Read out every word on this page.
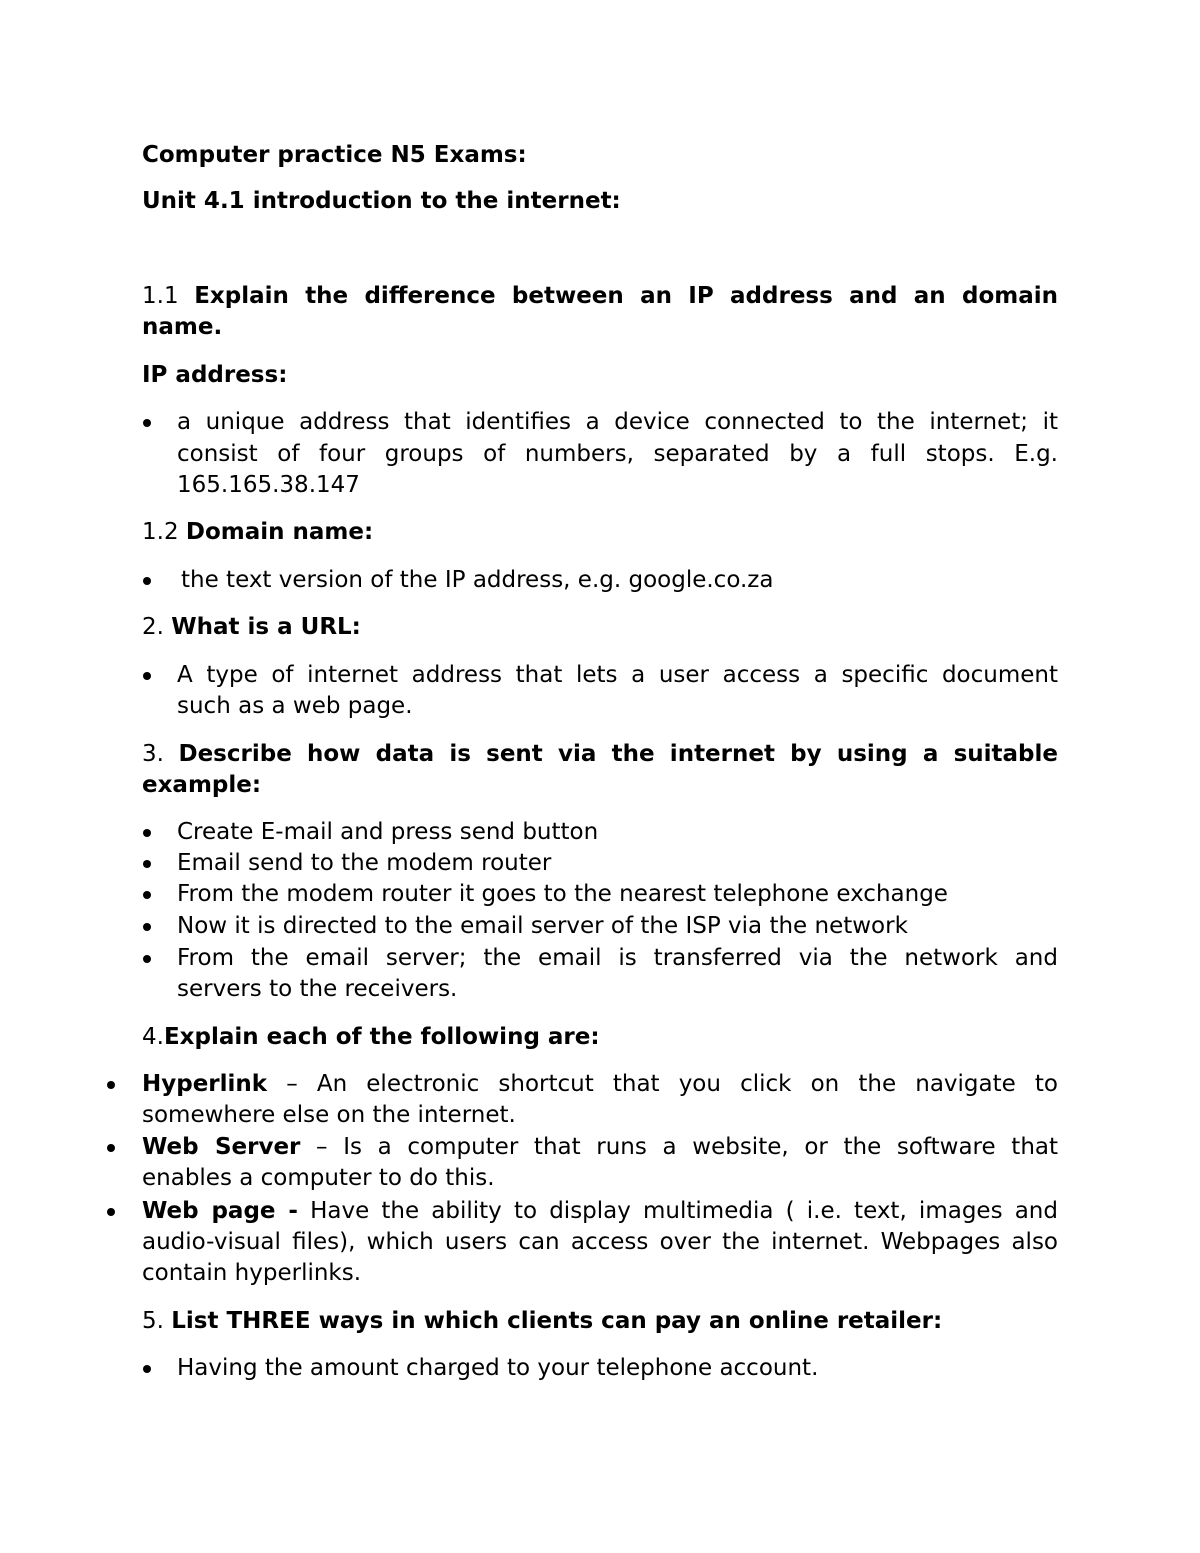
Computer practice N5 Exams:

Unit 4.1 introduction to the internet:

1.1 Explain the difference between an IP address and an domain

name.

IP address:

a unique address that identifies a device connected to the internet; it

consist of four groups of numbers, separated by a full stops. E.g.

165.165.38.147

1.2 Domain name:

the text version of the IP address, e.g. google.co.za

2. What is a URL:

A type of internet address that lets a user access a specific document

such as a web page.

3. Describe how data is sent via the internet by using a suitable

example:

Create E-mail and press send button

Email send to the modem router

From the modem router it goes to the nearest telephone exchange

Now it is directed to the email server of the ISP via the network

From the email server; the email is transferred via the network and

servers to the receivers.

4.Explain each of the following are:

Hyperlink – An electronic shortcut that you click on the navigate to

somewhere else on the internet.

Web Server – Is a computer that runs a website, or the software that

enables a computer to do this.

Web page - Have the ability to display multimedia ( i.e. text, images and

audio-visual files), which users can access over the internet. Webpages also

contain hyperlinks.

5. List THREE ways in which clients can pay an online retailer:

Having the amount charged to your telephone account.
